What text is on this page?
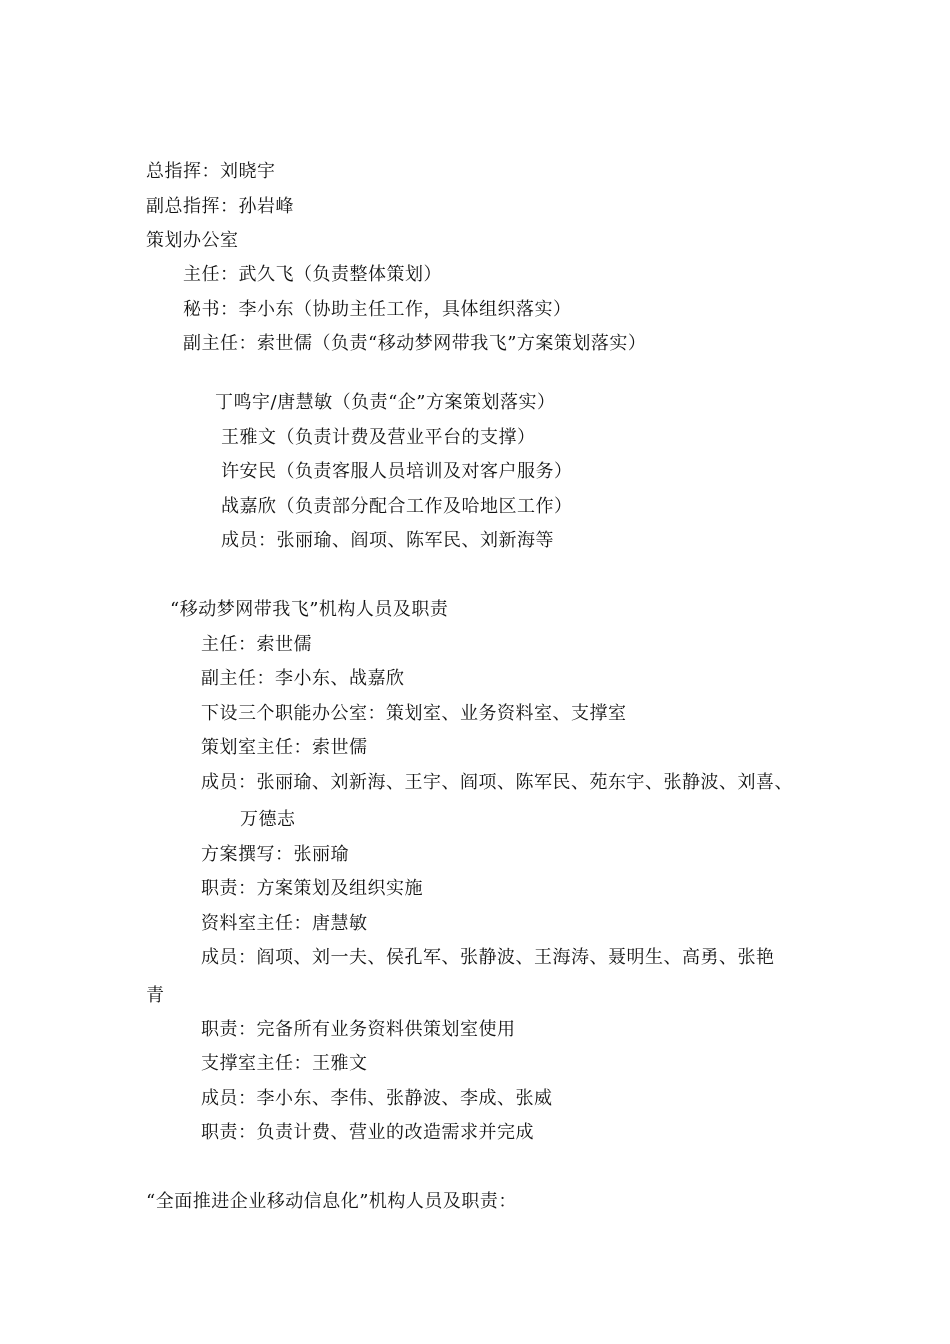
总指挥：刘晓宇
副总指挥：孙岩峰
策划办公室
主任：武久飞（负责整体策划）
秘书：李小东（协助主任工作，具体组织落实）
副主任：索世儒（负责“移动梦网带我飞”方案策划落实）
丁鸣宇/唐慧敏（负责“企”方案策划落实）
王雅文（负责计费及营业平台的支撑）
许安民（负责客服人员培训及对客户服务）
战嘉欣（负责部分配合工作及哈地区工作）
成员：张丽瑜、阎项、陈军民、刘新海等
“移动梦网带我飞”机构人员及职责
主任：索世儒
副主任：李小东、战嘉欣
下设三个职能办公室：策划室、业务资料室、支撑室
策划室主任：索世儒
成员：张丽瑜、刘新海、王宇、阎项、陈军民、苑东宇、张静波、刘喜、
万德志
方案撰写：张丽瑜
职责：方案策划及组织实施
资料室主任：唐慧敏
成员：阎项、刘一夫、侯孔军、张静波、王海涛、聂明生、高勇、张艳
青
职责：完备所有业务资料供策划室使用
支撑室主任：王雅文
成员：李小东、李伟、张静波、李成、张威
职责：负责计费、营业的改造需求并完成
“全面推进企业移动信息化”机构人员及职责：
